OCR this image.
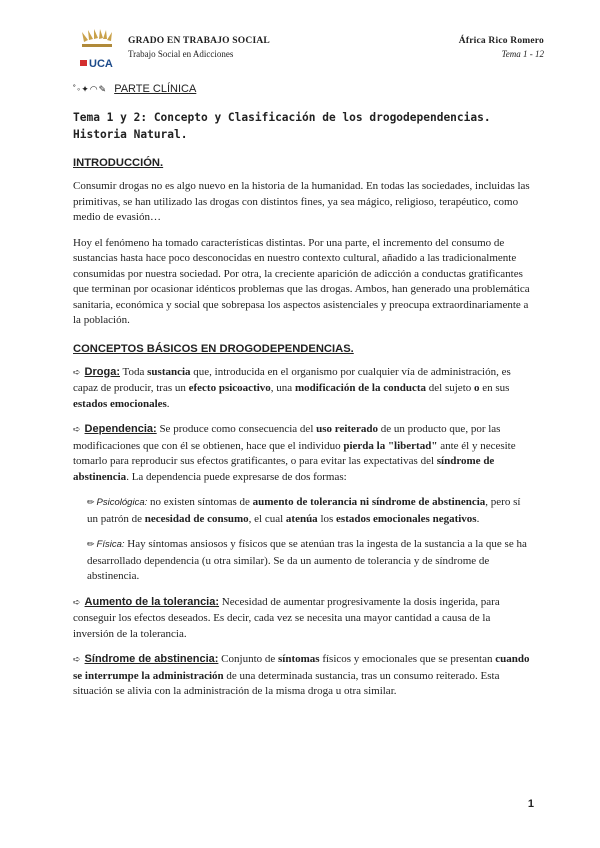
UCA
GRADO EN TRABAJO SOCIAL
Trabajo Social en Adicciones
África Rico Romero
Tema 1 - 12
˚◦✦◠✎ PARTE CLÍNICA
Tema 1 y 2: Concepto y Clasificación de los drogodependencias. Historia Natural.
INTRODUCCIÓN.

Consumir drogas no es algo nuevo en la historia de la humanidad. En todas las sociedades, incluidas las primitivas, se han utilizado las drogas con distintos fines, ya sea mágico, religioso, terapéutico, como medio de evasión…

Hoy el fenómeno ha tomado características distintas. Por una parte, el incremento del consumo de sustancias hasta hace poco desconocidas en nuestro contexto cultural, añadido a las tradicionalmente consumidas por nuestra sociedad. Por otra, la creciente aparición de adicción a conductas gratificantes que terminan por ocasionar idénticos problemas que las drogas. Ambos, han generado una problemática sanitaria, económica y social que sobrepasa los aspectos asistenciales y preocupa extraordinariamente a la población.

CONCEPTOS BÁSICOS EN DROGODEPENDENCIAS.

➪ Droga: Toda sustancia que, introducida en el organismo por cualquier vía de administración, es capaz de producir, tras un efecto psicoactivo, una modificación de la conducta del sujeto o en sus estados emocionales.

➪ Dependencia: Se produce como consecuencia del uso reiterado de un producto que, por las modificaciones que con él se obtienen, hace que el individuo pierda la "libertad" ante él y necesite tomarlo para reproducir sus efectos gratificantes, o para evitar las expectativas del síndrome de abstinencia. La dependencia puede expresarse de dos formas:

✏ Psicológica: no existen síntomas de aumento de tolerancia ni síndrome de abstinencia, pero sí un patrón de necesidad de consumo, el cual atenúa los estados emocionales negativos.

✏ Física: Hay síntomas ansiosos y físicos que se atenúan tras la ingesta de la sustancia a la que se ha desarrollado dependencia (u otra similar). Se da un aumento de tolerancia y de síndrome de abstinencia.

➪ Aumento de la tolerancia: Necesidad de aumentar progresivamente la dosis ingerida, para conseguir los efectos deseados. Es decir, cada vez se necesita una mayor cantidad a causa de la inversión de la tolerancia.

➪ Síndrome de abstinencia: Conjunto de síntomas físicos y emocionales que se presentan cuando se interrumpe la administración de una determinada sustancia, tras un consumo reiterado. Esta situación se alivia con la administración de la misma droga u otra similar.

1
